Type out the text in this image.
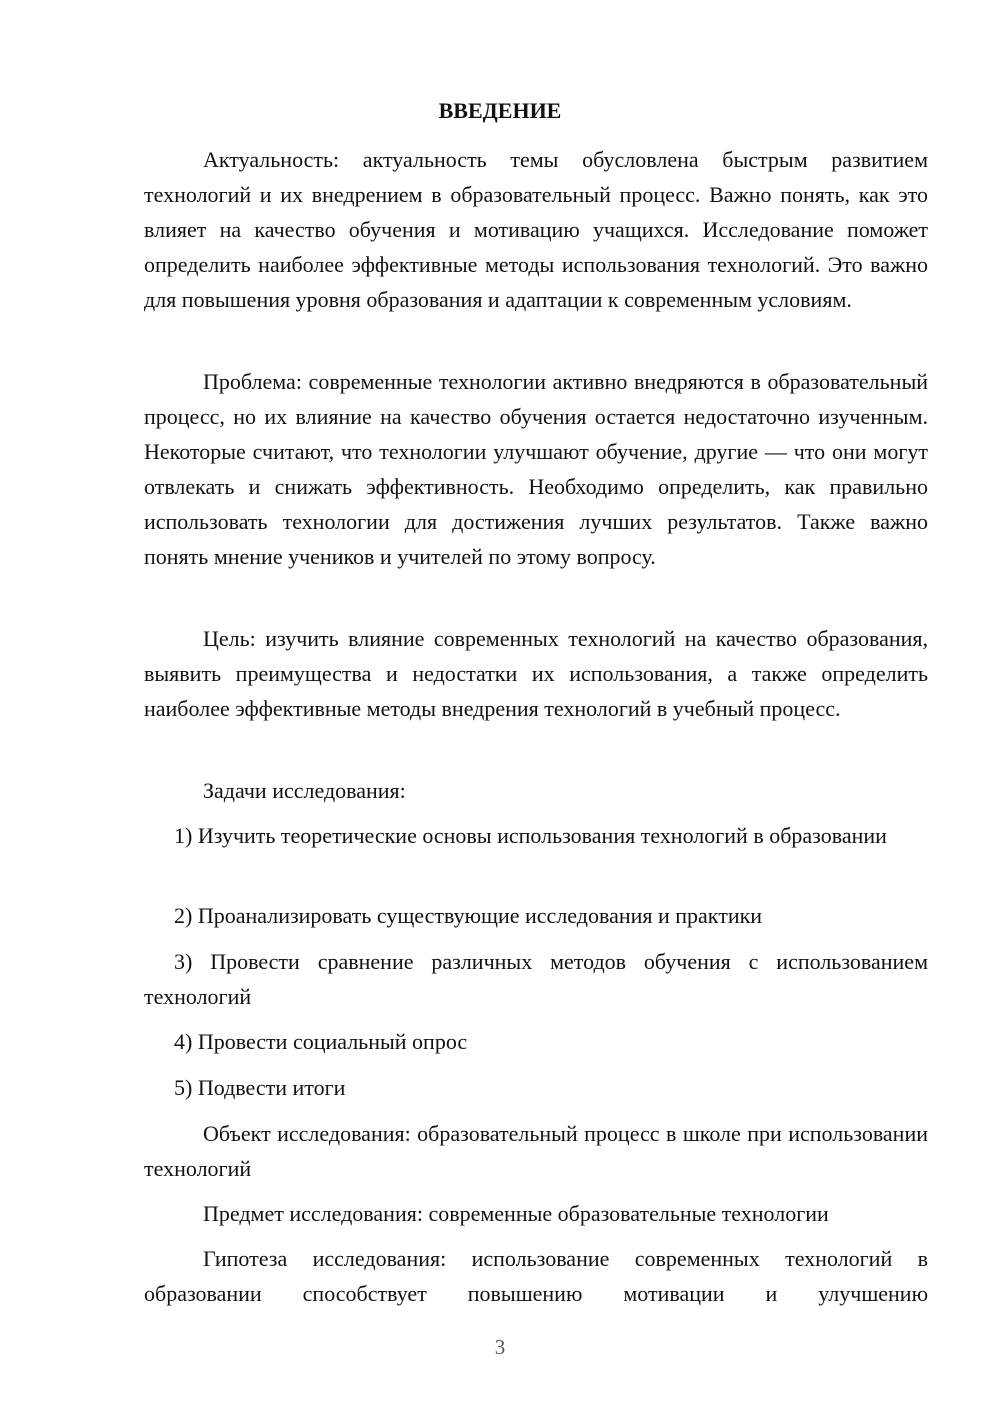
ВВЕДЕНИЕ

Актуальность: актуальность темы обусловлена быстрым развитием технологий и их внедрением в образовательный процесс. Важно понять, как это влияет на качество обучения и мотивацию учащихся. Исследование поможет определить наиболее эффективные методы использования технологий. Это важно для повышения уровня образования и адаптации к современным условиям.

Проблема: современные технологии активно внедряются в образовательный процесс, но их влияние на качество обучения остается недостаточно изученным. Некоторые считают, что технологии улучшают обучение, другие — что они могут отвлекать и снижать эффективность. Необходимо определить, как правильно использовать технологии для достижения лучших результатов. Также важно понять мнение учеников и учителей по этому вопросу.

Цель: изучить влияние современных технологий на качество образования, выявить преимущества и недостатки их использования, а также определить наиболее эффективные методы внедрения технологий в учебный процесс.

Задачи исследования:

1) Изучить теоретические основы использования технологий в образовании

2) Проанализировать существующие исследования и практики

3) Провести сравнение различных методов обучения с использованием технологий

4) Провести социальный опрос

5) Подвести итоги

Объект исследования: образовательный процесс в школе при использовании технологий

Предмет исследования: современные образовательные технологии

Гипотеза исследования: использование современных технологий в образовании способствует повышению мотивации и улучшению

3
